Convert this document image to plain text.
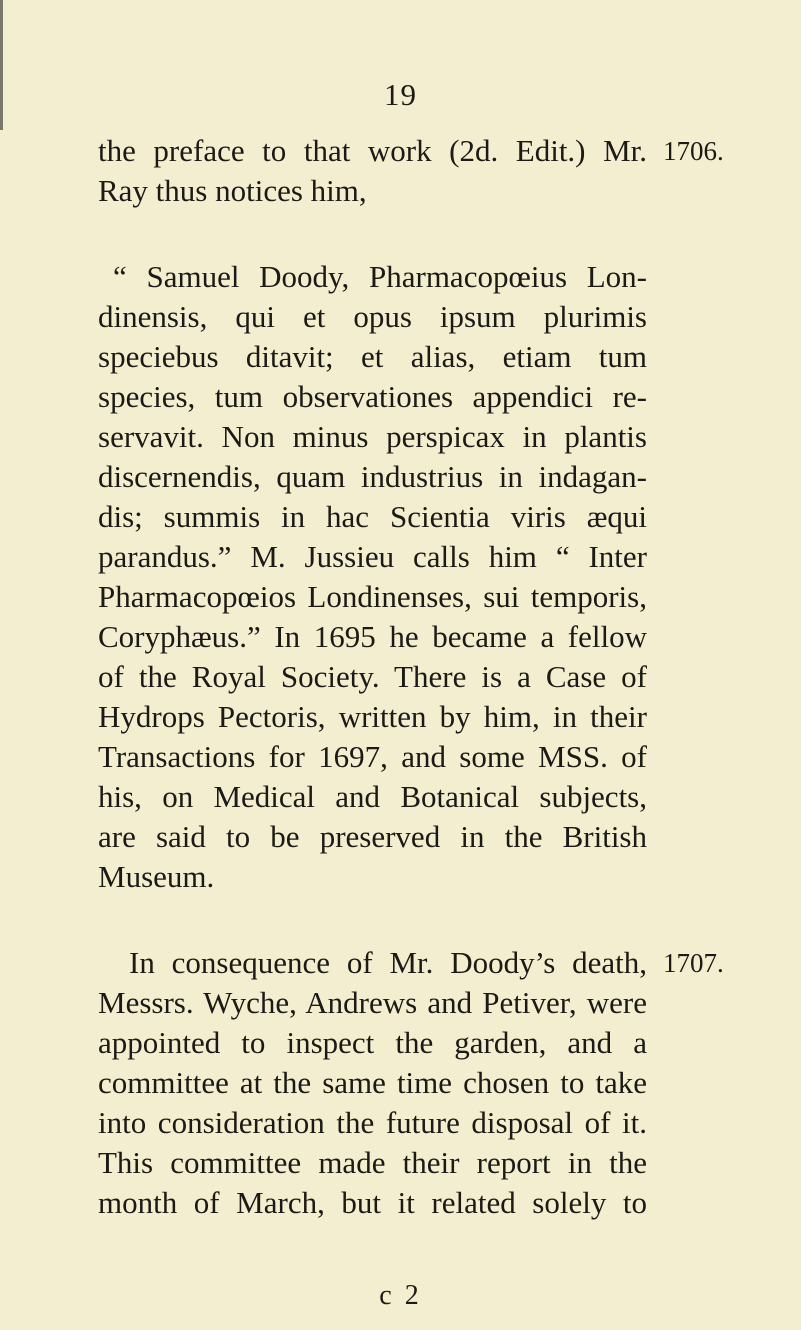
19
the preface to that work (2d. Edit.) Mr. 1706.
Ray thus notices him,
“ Samuel Doody, Pharmacopœius Lon-
dinensis, qui et opus ipsum plurimis
speciebus ditavit; et alias, etiam tum
species, tum observationes appendici re-
servavit. Non minus perspicax in plantis
discernendis, quam industrius in indagan-
dis; summis in hac Scientia viris æqui
parandus.” M. Jussieu calls him “ Inter
Pharmacopœios Londinenses, sui temporis,
Coryphæus.” In 1695 he became a fellow
of the Royal Society. There is a Case of
Hydrops Pectoris, written by him, in their
Transactions for 1697, and some MSS. of
his, on Medical and Botanical subjects,
are said to be preserved in the British
Museum.
In consequence of Mr. Doody’s death, 1707.
Messrs. Wyche, Andrews and Petiver, were
appointed to inspect the garden, and a
committee at the same time chosen to take
into consideration the future disposal of it.
This committee made their report in the
month of March, but it related solely to
c 2
